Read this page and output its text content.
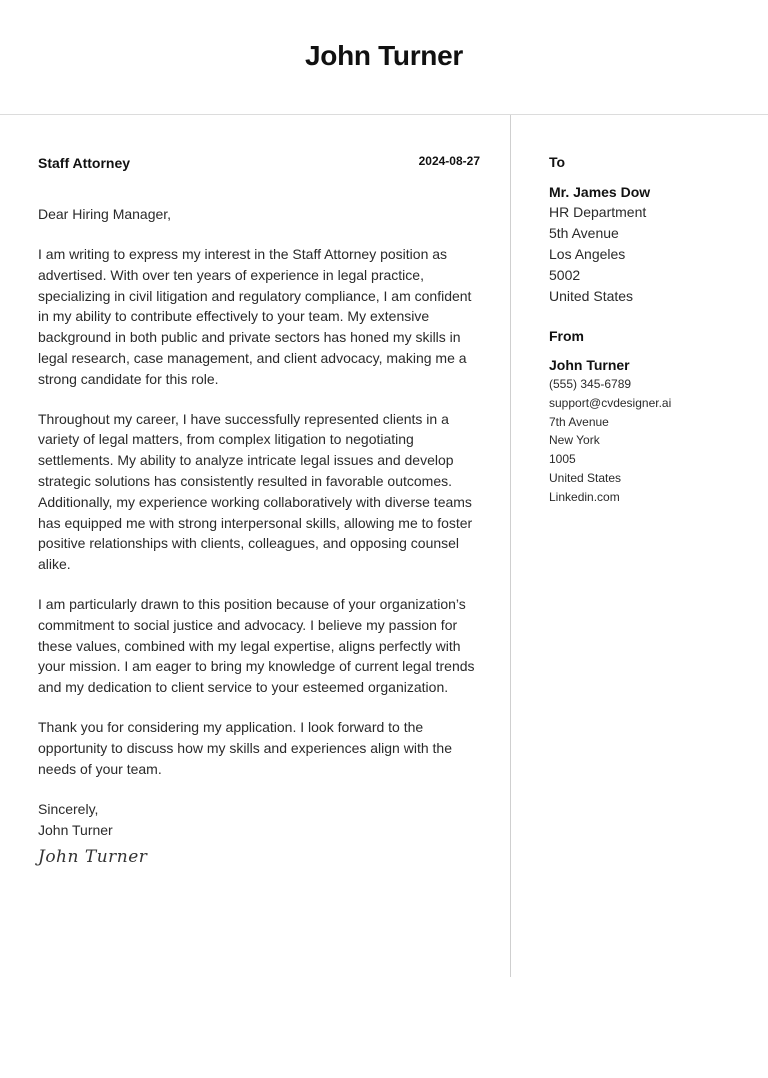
John Turner
Staff Attorney	2024-08-27
Dear Hiring Manager,
I am writing to express my interest in the Staff Attorney position as advertised. With over ten years of experience in legal practice, specializing in civil litigation and regulatory compliance, I am confident in my ability to contribute effectively to your team. My extensive background in both public and private sectors has honed my skills in legal research, case management, and client advocacy, making me a strong candidate for this role.
Throughout my career, I have successfully represented clients in a variety of legal matters, from complex litigation to negotiating settlements. My ability to analyze intricate legal issues and develop strategic solutions has consistently resulted in favorable outcomes. Additionally, my experience working collaboratively with diverse teams has equipped me with strong interpersonal skills, allowing me to foster positive relationships with clients, colleagues, and opposing counsel alike.
I am particularly drawn to this position because of your organization’s commitment to social justice and advocacy. I believe my passion for these values, combined with my legal expertise, aligns perfectly with your mission. I am eager to bring my knowledge of current legal trends and my dedication to client service to your esteemed organization.
Thank you for considering my application. I look forward to the opportunity to discuss how my skills and experiences align with the needs of your team.
Sincerely,
John Turner
John Turner
To
Mr. James Dow
HR Department
5th Avenue
Los Angeles
5002
United States
From
John Turner
(555) 345-6789
support@cvdesigner.ai
7th Avenue
New York
1005
United States
Linkedin.com
